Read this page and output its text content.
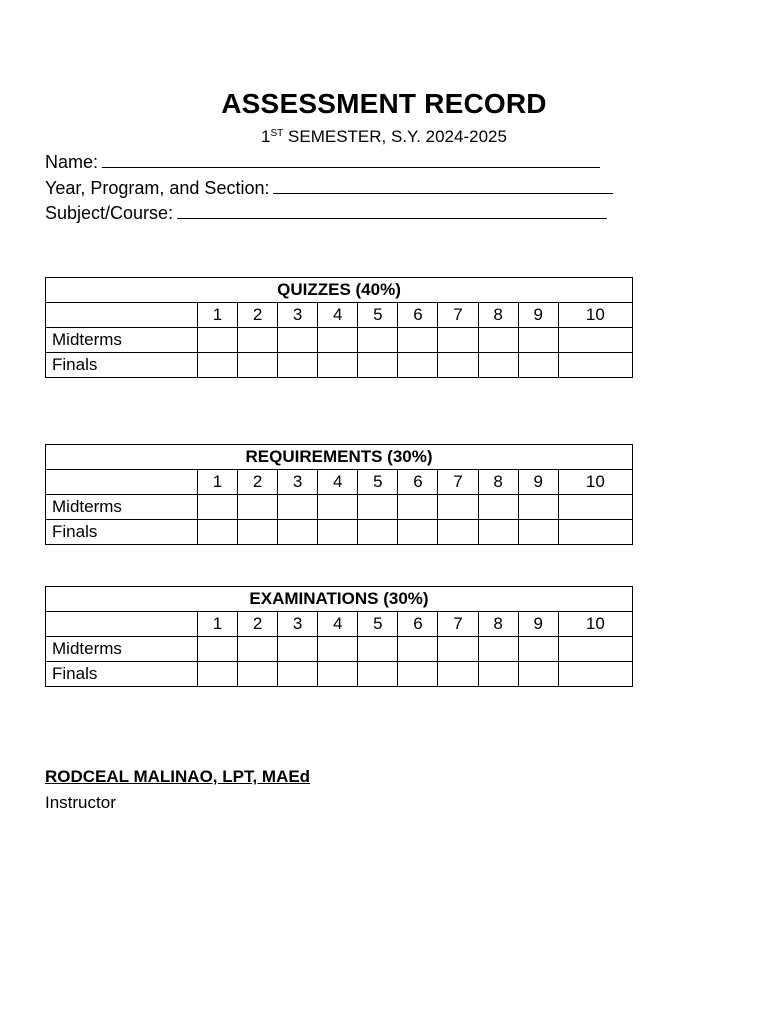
ASSESSMENT RECORD
1ST SEMESTER, S.Y. 2024-2025
Name:
Year, Program, and Section:
Subject/Course:
QUIZZES (40%)										
	1	2	3	4	5	6	7	8	9	10
Midterms										
Finals										
REQUIREMENTS (30%)										
	1	2	3	4	5	6	7	8	9	10
Midterms										
Finals										
EXAMINATIONS (30%)										
	1	2	3	4	5	6	7	8	9	10
Midterms										
Finals										
RODCEAL MALINAO, LPT, MAEd
Instructor
